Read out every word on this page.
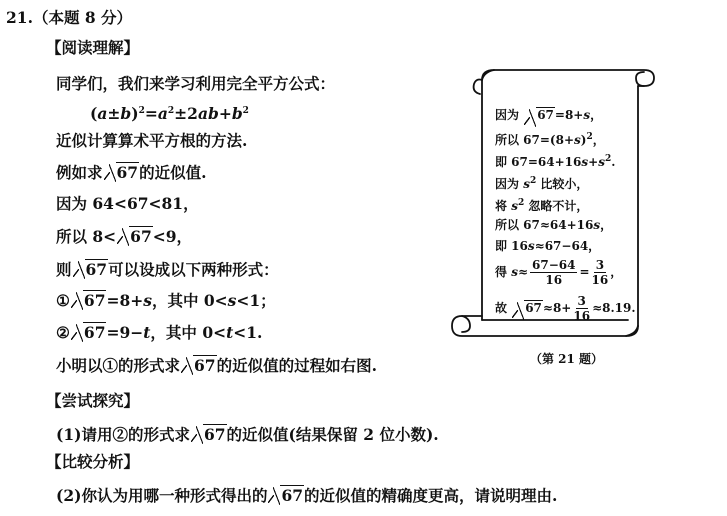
21.（本题 8 分）
【阅读理解】
同学们，我们来学习利用完全平方公式：
$(a\pm b)^2=a^2\pm 2ab+b^2$
近似计算算术平方根的方法.
例如求 67的近似值.
因为 64<67<81，
所以 8< 67<9，
则 67可以设成以下两种形式：
① 67=8+s，其中 0<s<1；
② 67=9−t，其中 0<t<1.
小明以①的形式求 67的近似值的过程如右图.
【尝试探究】
(1)请用②的形式求 67的近似值(结果保留 2 位小数).
【比较分析】
(2)你认为用哪一种形式得出的 67的近似值的精确度更高，请说明理由.
因为 67=8+s，
所以 $67=(8+s)^2$，
即 $67=64+16s+s^2$.
因为 $s^2$ 比较小，
将 $s^2$ 忽略不计，
所以 67≈64+16s，
即 16s≈67−64，
得 $s\approx \frac{67-64}{16} = \frac{3}{16}$ ，
故 $67\approx 8+ \frac{3}{16} \approx 8.19$.
（第 21 题）
